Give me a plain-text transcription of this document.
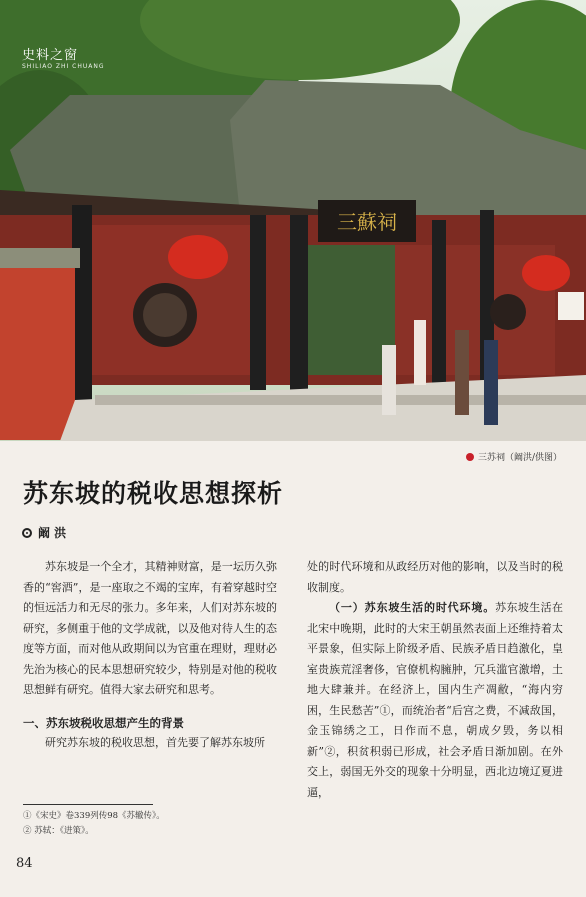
三蘇祠
史料之窗
SHILIAO ZHI CHUANG
三苏祠（阚洪/供图）
苏东坡的税收思想探析
阚 洪

苏东坡是一个全才，其精神财富，是一坛历久弥香的“窖酒”，是一座取之不竭的宝库，有着穿越时空的恒远活力和无尽的张力。多年来，人们对苏东坡的研究，多侧重于他的文学成就，以及他对待人生的态度等方面，而对他从政期间以为官重在理财，理财必先治为核心的民本思想研究较少，特别是对他的税收思想鲜有研究。值得大家去研究和思考。

一、苏东坡税收思想产生的背景

研究苏东坡的税收思想，首先要了解苏东坡所

处的时代环境和从政经历对他的影响，以及当时的税收制度。

（一）苏东坡生活的时代环境。苏东坡生活在北宋中晚期，此时的大宋王朝虽然表面上还维持着太平景象，但实际上阶级矛盾、民族矛盾日趋激化，皇室贵族荒淫奢侈，官僚机构臃肿，冗兵滥官激增，土地大肆兼并。在经济上，国内生产凋敝，“海内穷困，生民愁苦”①，而统治者“后宫之费，不减敌国，金玉锦绣之工，日作而不息，朝成夕毁，务以相新”②，积贫积弱已形成，社会矛盾日渐加剧。在外交上，弱国无外交的现象十分明显，西北边境辽夏进逼，

①《宋史》卷339列传98《苏辙传》。
② 苏轼：《进策》。
84
